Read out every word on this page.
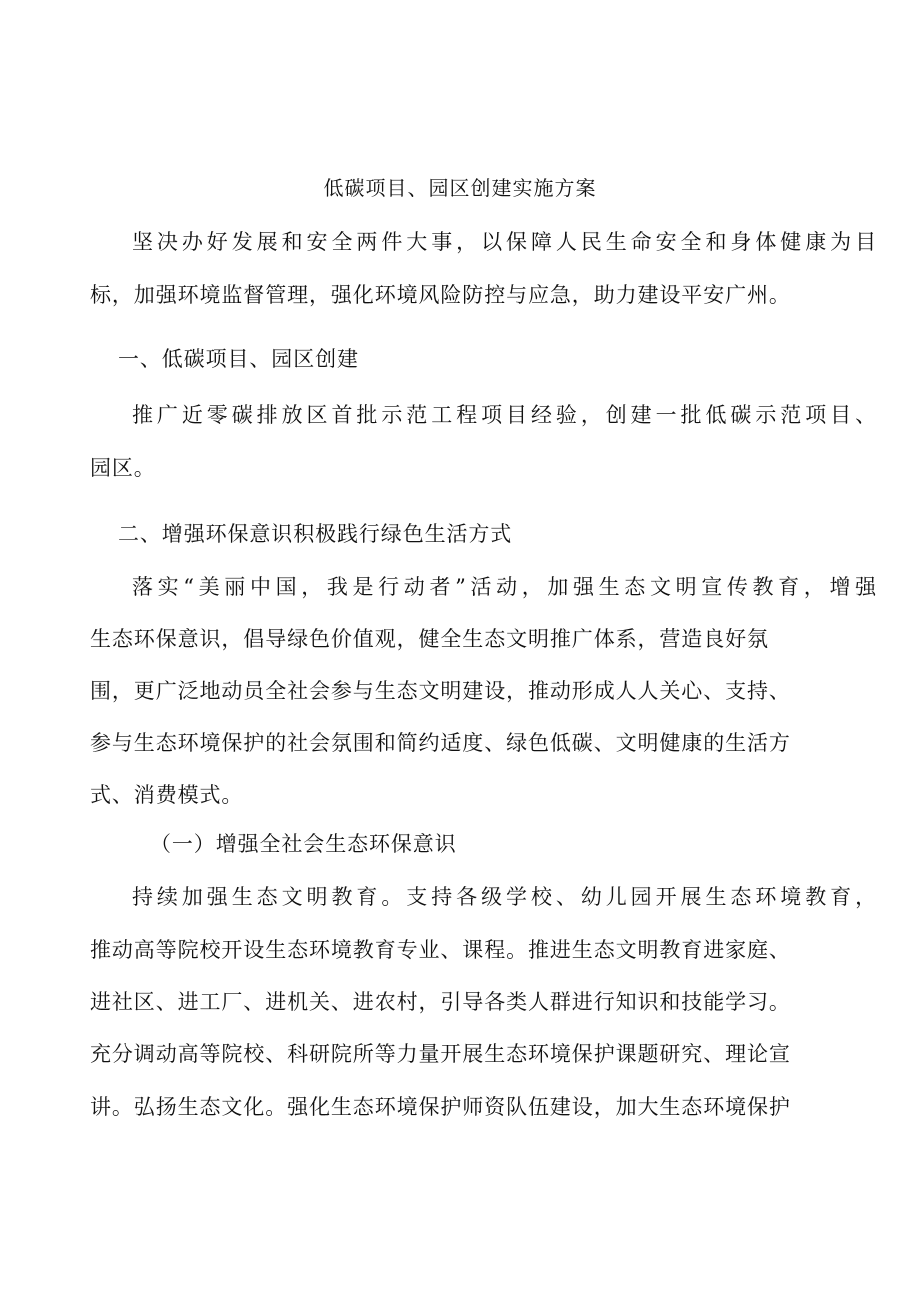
低碳项目、园区创建实施方案
坚决办好发展和安全两件大事，以保障人民生命安全和身体健康为目
标，加强环境监督管理，强化环境风险防控与应急，助力建设平安广州。
一、低碳项目、园区创建
推广近零碳排放区首批示范工程项目经验，创建一批低碳示范项目、
园区。
二、增强环保意识积极践行绿色生活方式
落实“美丽中国，我是行动者”活动，加强生态文明宣传教育，增强
生态环保意识，倡导绿色价值观，健全生态文明推广体系，营造良好氛
围，更广泛地动员全社会参与生态文明建设，推动形成人人关心、支持、
参与生态环境保护的社会氛围和简约适度、绿色低碳、文明健康的生活方
式、消费模式。
（一）增强全社会生态环保意识
持续加强生态文明教育。支持各级学校、幼儿园开展生态环境教育，
推动高等院校开设生态环境教育专业、课程。推进生态文明教育进家庭、
进社区、进工厂、进机关、进农村，引导各类人群进行知识和技能学习。
充分调动高等院校、科研院所等力量开展生态环境保护课题研究、理论宣
讲。弘扬生态文化。强化生态环境保护师资队伍建设，加大生态环境保护
